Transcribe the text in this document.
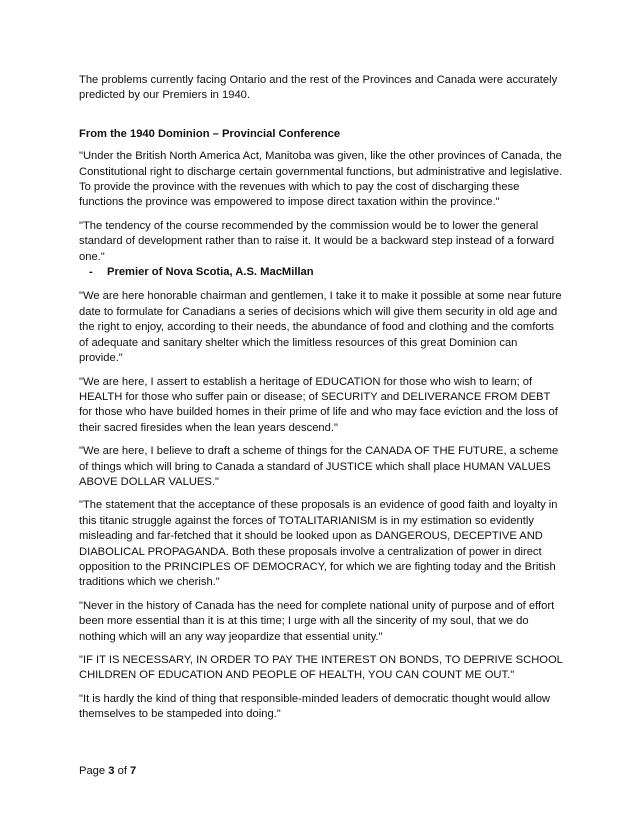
The problems currently facing Ontario and the rest of the Provinces and Canada were accurately predicted by our Premiers in 1940.

From the 1940 Dominion – Provincial Conference

"Under the British North America Act, Manitoba was given, like the other provinces of Canada, the Constitutional right to discharge certain governmental functions, but administrative and legislative. To provide the province with the revenues with which to pay the cost of discharging these functions the province was empowered to impose direct taxation within the province."

"The tendency of the course recommended by the commission would be to lower the general standard of development rather than to raise it. It would be a backward step instead of a forward one."

-	Premier of Nova Scotia, A.S. MacMillan

"We are here honorable chairman and gentlemen, I take it to make it possible at some near future date to formulate for Canadians a series of decisions which will give them security in old age and the right to enjoy, according to their needs, the abundance of food and clothing and the comforts of adequate and sanitary shelter which the limitless resources of this great Dominion can provide."

"We are here, I assert to establish a heritage of EDUCATION for those who wish to learn; of HEALTH for those who suffer pain or disease; of SECURITY and DELIVERANCE FROM DEBT for those who have builded homes in their prime of life and who may face eviction and the loss of their sacred firesides when the lean years descend."

"We are here, I believe to draft a scheme of things for the CANADA OF THE FUTURE, a scheme of things which will bring to Canada a standard of JUSTICE which shall place HUMAN VALUES ABOVE DOLLAR VALUES."

"The statement that the acceptance of these proposals is an evidence of good faith and loyalty in this titanic struggle against the forces of TOTALITARIANISM is in my estimation so evidently misleading and far-fetched that it should be looked upon as DANGEROUS, DECEPTIVE AND DIABOLICAL PROPAGANDA. Both these proposals involve a centralization of power in direct opposition to the PRINCIPLES OF DEMOCRACY, for which we are fighting today and the British traditions which we cherish."

"Never in the history of Canada has the need for complete national unity of purpose and of effort been more essential than it is at this time; I urge with all the sincerity of my soul, that we do nothing which will an any way jeopardize that essential unity."

"IF IT IS NECESSARY, IN ORDER TO PAY THE INTEREST ON BONDS, TO DEPRIVE SCHOOL CHILDREN OF EDUCATION AND PEOPLE OF HEALTH, YOU CAN COUNT ME OUT."

"It is hardly the kind of thing that responsible-minded leaders of democratic thought would allow themselves to be stampeded into doing."

Page 3 of 7
